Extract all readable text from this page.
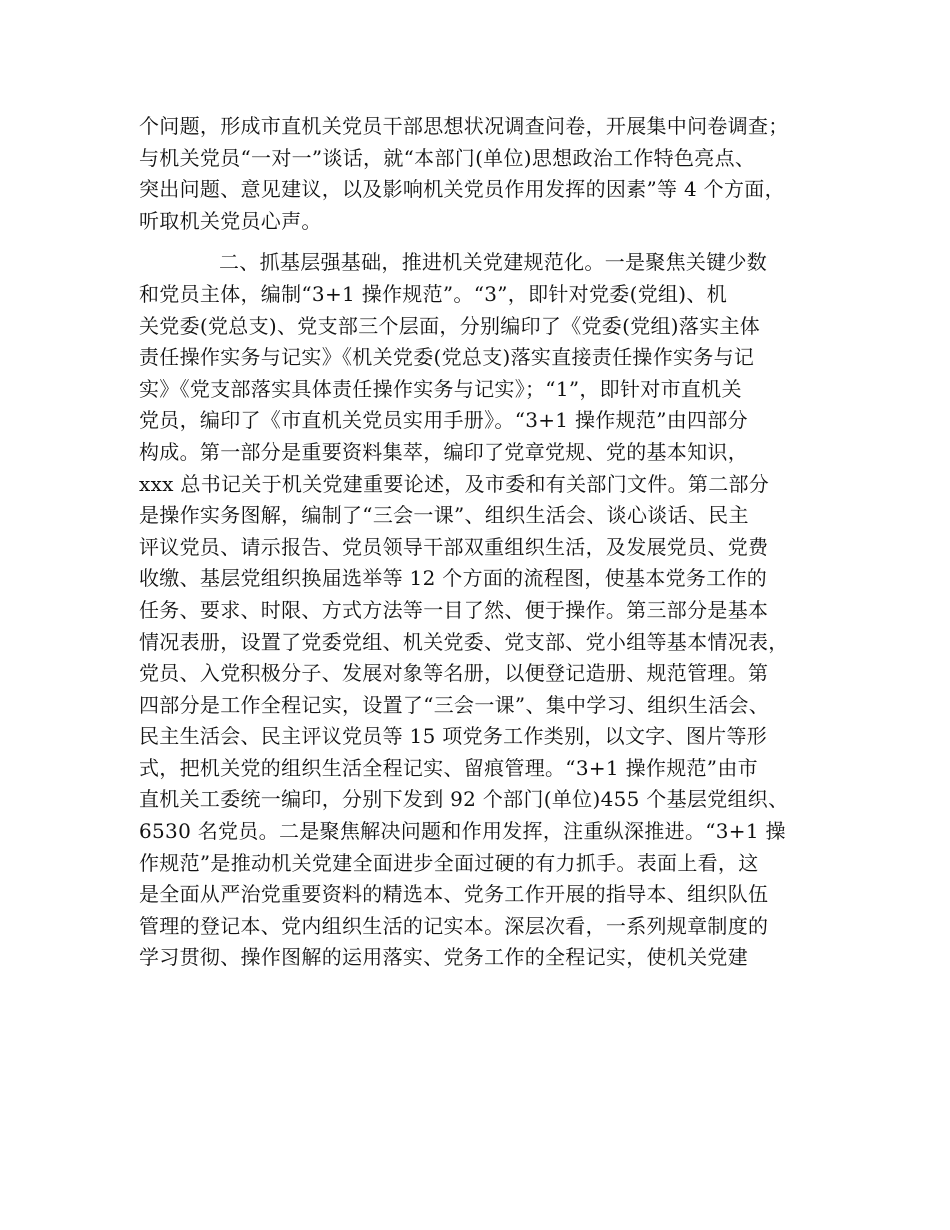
个问题，形成市直机关党员干部思想状况调查问卷，开展集中问卷调查；
与机关党员“一对一”谈话，就“本部门(单位)思想政治工作特色亮点、
突出问题、意见建议，以及影响机关党员作用发挥的因素”等 4 个方面，
听取机关党员心声。
二、抓基层强基础，推进机关党建规范化。一是聚焦关键少数
和党员主体，编制“3+1 操作规范”。“3”，即针对党委(党组)、机
关党委(党总支)、党支部三个层面，分别编印了《党委(党组)落实主体
责任操作实务与记实》《机关党委(党总支)落实直接责任操作实务与记
实》《党支部落实具体责任操作实务与记实》；“1”，即针对市直机关
党员，编印了《市直机关党员实用手册》。“3+1 操作规范”由四部分
构成。第一部分是重要资料集萃，编印了党章党规、党的基本知识，
xxx 总书记关于机关党建重要论述，及市委和有关部门文件。第二部分
是操作实务图解，编制了“三会一课”、组织生活会、谈心谈话、民主
评议党员、请示报告、党员领导干部双重组织生活，及发展党员、党费
收缴、基层党组织换届选举等 12 个方面的流程图，使基本党务工作的
任务、要求、时限、方式方法等一目了然、便于操作。第三部分是基本
情况表册，设置了党委党组、机关党委、党支部、党小组等基本情况表，
党员、入党积极分子、发展对象等名册，以便登记造册、规范管理。第
四部分是工作全程记实，设置了“三会一课”、集中学习、组织生活会、
民主生活会、民主评议党员等 15 项党务工作类别，以文字、图片等形
式，把机关党的组织生活全程记实、留痕管理。“3+1 操作规范”由市
直机关工委统一编印，分别下发到 92 个部门(单位)455 个基层党组织、
6530 名党员。二是聚焦解决问题和作用发挥，注重纵深推进。“3+1 操
作规范”是推动机关党建全面进步全面过硬的有力抓手。表面上看，这
是全面从严治党重要资料的精选本、党务工作开展的指导本、组织队伍
管理的登记本、党内组织生活的记实本。深层次看，一系列规章制度的
学习贯彻、操作图解的运用落实、党务工作的全程记实，使机关党建
